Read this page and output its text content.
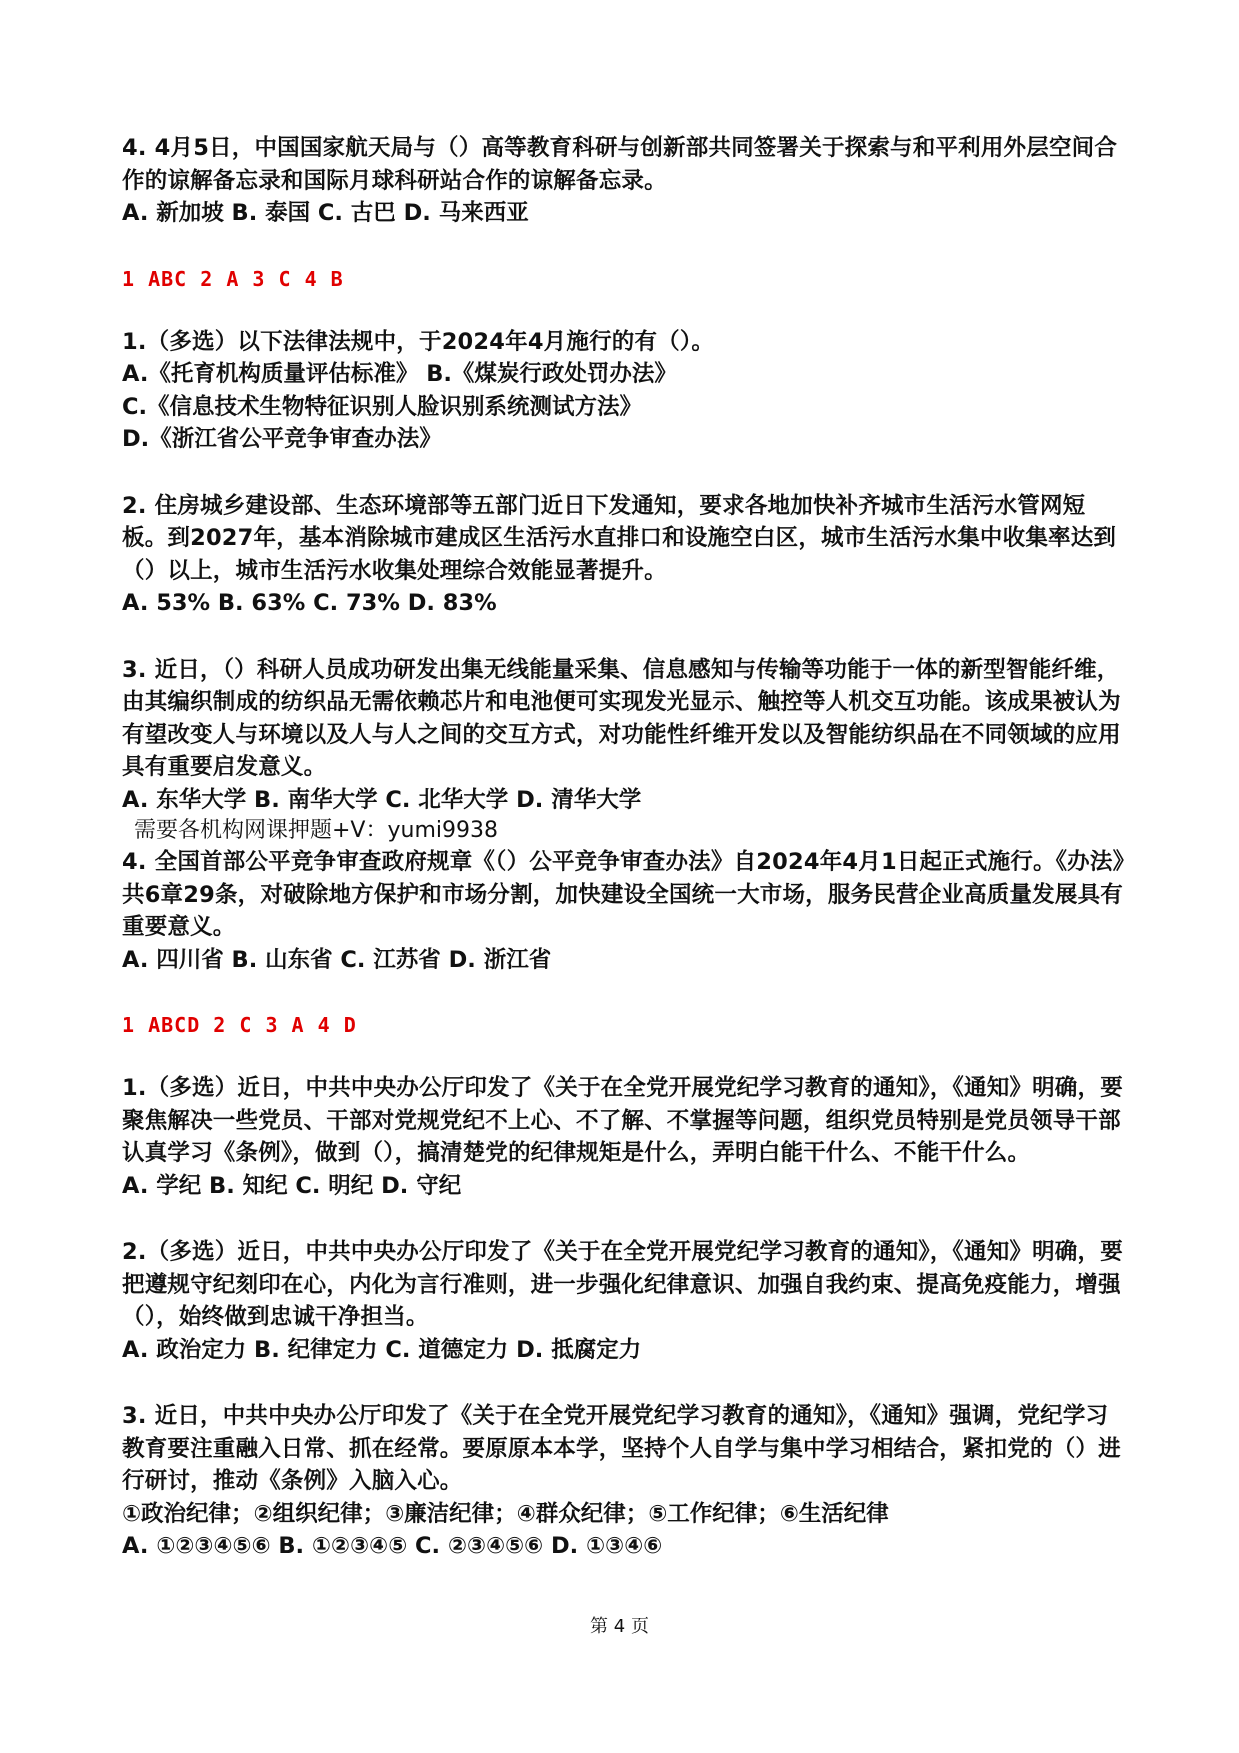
4. 4月5日，中国国家航天局与（）高等教育科研与创新部共同签署关于探索与和平利用外层空间合作的谅解备忘录和国际月球科研站合作的谅解备忘录。

A. 新加坡 B. 泰国 C. 古巴 D. 马来西亚

1 ABC 2 A 3 C 4 B

1.（多选）以下法律法规中，于2024年4月施行的有（）。

A.《托育机构质量评估标准》 B.《煤炭行政处罚办法》

C.《信息技术生物特征识别人脸识别系统测试方法》

D.《浙江省公平竞争审查办法》

2. 住房城乡建设部、生态环境部等五部门近日下发通知，要求各地加快补齐城市生活污水管网短板。到2027年，基本消除城市建成区生活污水直排口和设施空白区，城市生活污水集中收集率达到（）以上，城市生活污水收集处理综合效能显著提升。

A. 53% B. 63% C. 73% D. 83%

3. 近日，（）科研人员成功研发出集无线能量采集、信息感知与传输等功能于一体的新型智能纤维，由其编织制成的纺织品无需依赖芯片和电池便可实现发光显示、触控等人机交互功能。该成果被认为有望改变人与环境以及人与人之间的交互方式，对功能性纤维开发以及智能纺织品在不同领域的应用具有重要启发意义。

A. 东华大学 B. 南华大学 C. 北华大学 D. 清华大学

需要各机构网课押题+V：yumi9938

4. 全国首部公平竞争审查政府规章《（）公平竞争审查办法》自2024年4月1日起正式施行。《办法》共6章29条，对破除地方保护和市场分割，加快建设全国统一大市场，服务民营企业高质量发展具有重要意义。

A. 四川省 B. 山东省 C. 江苏省 D. 浙江省

1 ABCD 2 C 3 A 4 D

1.（多选）近日，中共中央办公厅印发了《关于在全党开展党纪学习教育的通知》，《通知》明确，要聚焦解决一些党员、干部对党规党纪不上心、不了解、不掌握等问题，组织党员特别是党员领导干部认真学习《条例》，做到（），搞清楚党的纪律规矩是什么，弄明白能干什么、不能干什么。

A. 学纪 B. 知纪 C. 明纪 D. 守纪

2.（多选）近日，中共中央办公厅印发了《关于在全党开展党纪学习教育的通知》，《通知》明确，要把遵规守纪刻印在心，内化为言行准则，进一步强化纪律意识、加强自我约束、提高免疫能力，增强（），始终做到忠诚干净担当。

A. 政治定力 B. 纪律定力 C. 道德定力 D. 抵腐定力

3. 近日，中共中央办公厅印发了《关于在全党开展党纪学习教育的通知》，《通知》强调，党纪学习教育要注重融入日常、抓在经常。要原原本本学，坚持个人自学与集中学习相结合，紧扣党的（）进行研讨，推动《条例》入脑入心。

①政治纪律；②组织纪律；③廉洁纪律；④群众纪律；⑤工作纪律；⑥生活纪律

A. ①②③④⑤⑥ B. ①②③④⑤ C. ②③④⑤⑥ D. ①③④⑥

第 4 页
